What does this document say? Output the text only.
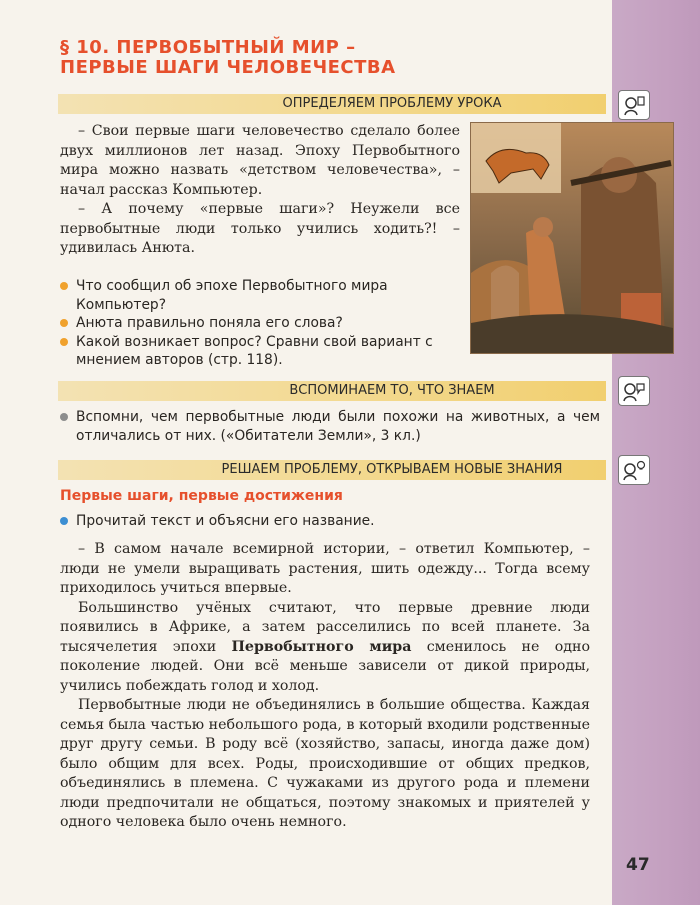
§ 10. ПЕРВОБЫТНЫЙ МИР –
ПЕРВЫЕ ШАГИ ЧЕЛОВЕЧЕСТВА
ОПРЕДЕЛЯЕМ ПРОБЛЕМУ УРОКА

– Свои первые шаги человечество сделало более двух миллионов лет назад. Эпоху Первобытного мира можно назвать «детством человечества», – начал рассказ Компьютер.

– А почему «первые шаги»? Неужели все первобытные люди только учились ходить?! – удивилась Анюта.

Что сообщил об эпохе Первобытного мира Компьютер?
Анюта правильно поняла его слова?
Какой возникает вопрос? Сравни свой вариант с мнением авторов (стр. 118).
ВСПОМИНАЕМ ТО, ЧТО ЗНАЕМ
Вспомни, чем первобытные люди были похожи на животных, а чем отличались от них. («Обитатели Земли», 3 кл.)
РЕШАЕМ ПРОБЛЕМУ, ОТКРЫВАЕМ НОВЫЕ ЗНАНИЯ
Первые шаги, первые достижения
Прочитай текст и объясни его название.

– В самом начале всемирной истории, – ответил Компьютер, – люди не умели выращивать растения, шить одежду... Тогда всему приходилось учиться впервые.

Большинство учёных считают, что первые древние люди появились в Африке, а затем расселились по всей планете. За тысячелетия эпохи Первобытного мира сменилось не одно поколение людей. Они всё меньше зависели от дикой природы, учились побеждать голод и холод.

Первобытные люди не объединялись в большие общества. Каждая семья была частью небольшого рода, в который входили родственные друг другу семьи. В роду всё (хозяйство, запасы, иногда даже дом) было общим для всех. Роды, происходившие от общих предков, объединялись в племена. С чужаками из другого рода и племени люди предпочитали не общаться, поэтому знакомых и приятелей у одного человека было очень немного.

47
